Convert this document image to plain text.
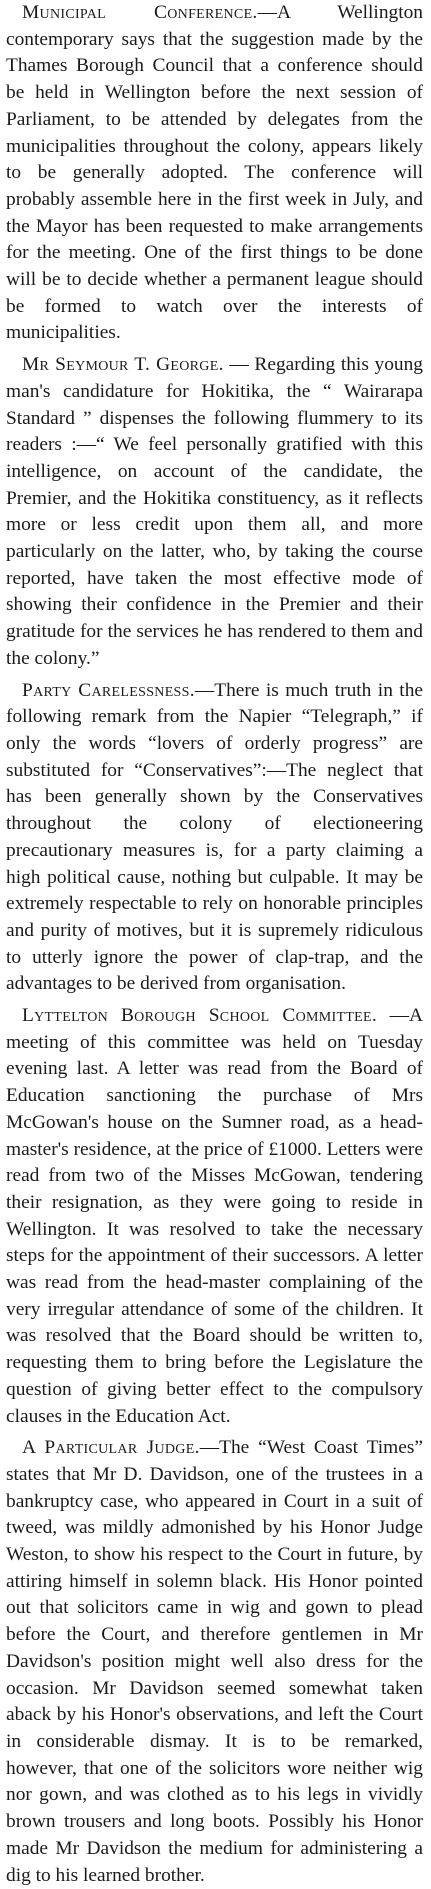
Municipal Conference.—A Wellington contemporary says that the suggestion made by the Thames Borough Council that a conference should be held in Wellington before the next session of Parliament, to be attended by delegates from the municipalities throughout the colony, appears likely to be generally adopted. The conference will probably assemble here in the first week in July, and the Mayor has been requested to make arrangements for the meeting. One of the first things to be done will be to decide whether a permanent league should be formed to watch over the interests of municipalities.

Mr Seymour T. George. — Regarding this young man's candidature for Hokitika, the “ Wairarapa Standard ” dispenses the following flummery to its readers :—“ We feel personally gratified with this intelligence, on account of the candidate, the Premier, and the Hokitika constituency, as it reflects more or less credit upon them all, and more particularly on the latter, who, by taking the course reported, have taken the most effective mode of showing their confidence in the Premier and their gratitude for the services he has rendered to them and the colony.”

Party Carelessness.—There is much truth in the following remark from the Napier “Telegraph,” if only the words “lovers of orderly progress” are substituted for “Conservatives”:—The neglect that has been generally shown by the Conservatives throughout the colony of electioneering precautionary measures is, for a party claiming a high political cause, nothing but culpable. It may be extremely respectable to rely on honorable principles and purity of motives, but it is supremely ridiculous to utterly ignore the power of clap-trap, and the advantages to be derived from organisation.

Lyttelton Borough School Committee. —A meeting of this committee was held on Tuesday evening last. A letter was read from the Board of Education sanctioning the purchase of Mrs McGowan's house on the Sumner road, as a head-master's residence, at the price of £1000. Letters were read from two of the Misses McGowan, tendering their resignation, as they were going to reside in Wellington. It was resolved to take the necessary steps for the appointment of their successors. A letter was read from the head-master complaining of the very irregular attendance of some of the children. It was resolved that the Board should be written to, requesting them to bring before the Legislature the question of giving better effect to the compulsory clauses in the Education Act.

A Particular Judge.—The “West Coast Times” states that Mr D. Davidson, one of the trustees in a bankruptcy case, who appeared in Court in a suit of tweed, was mildly admonished by his Honor Judge Weston, to show his respect to the Court in future, by attiring himself in solemn black. His Honor pointed out that solicitors came in wig and gown to plead before the Court, and therefore gentlemen in Mr Davidson's position might well also dress for the occasion. Mr Davidson seemed somewhat taken aback by his Honor's observations, and left the Court in considerable dismay. It is to be remarked, however, that one of the solicitors wore neither wig nor gown, and was clothed as to his legs in vividly brown trousers and long boots. Possibly his Honor made Mr Davidson the medium for administering a dig to his learned brother.
